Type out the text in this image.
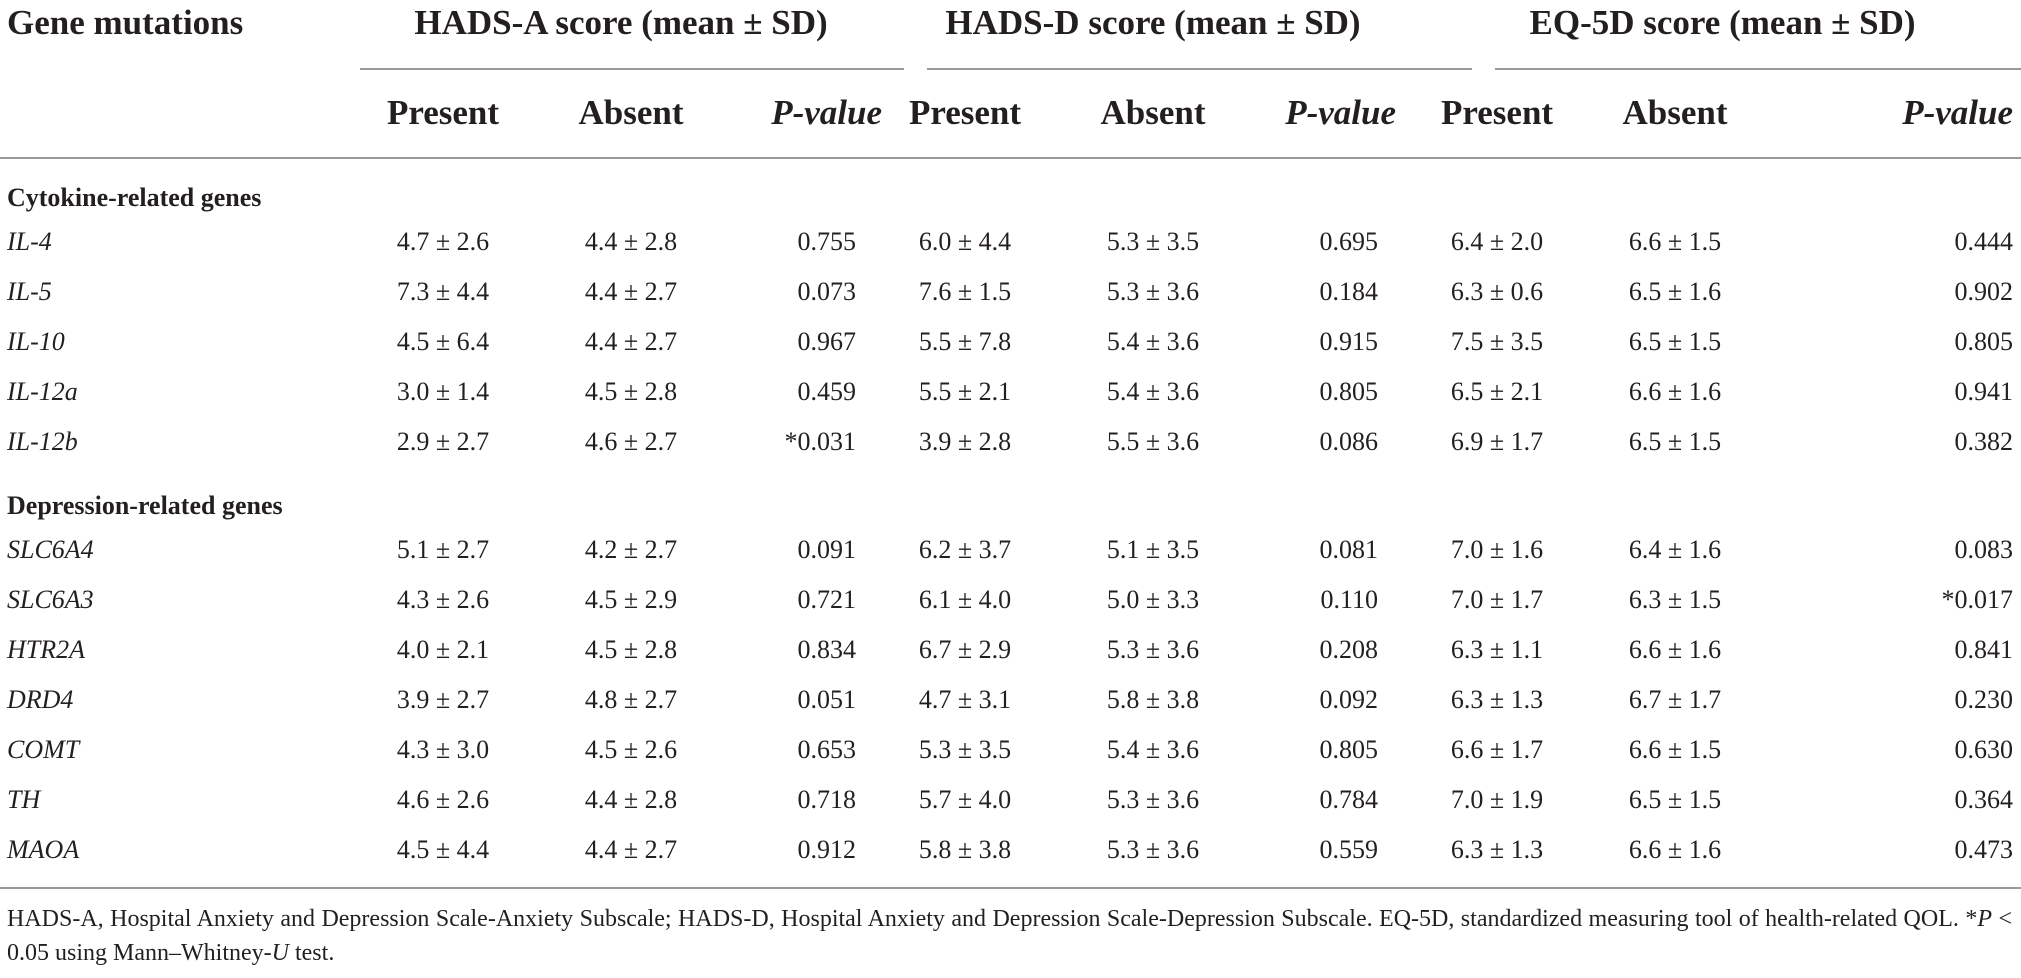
Gene mutations	HADS-A score (mean ± SD)			HADS-D score (mean ± SD)			EQ-5D score (mean ± SD)		

	Present	Absent	P-value	Present	Absent	P-value	Present	Absent	P-value
Cytokine-related genes									
IL-4	4.7 ± 2.6	4.4 ± 2.8	0.755	6.0 ± 4.4	5.3 ± 3.5	0.695	6.4 ± 2.0	6.6 ± 1.5	0.444
IL-5	7.3 ± 4.4	4.4 ± 2.7	0.073	7.6 ± 1.5	5.3 ± 3.6	0.184	6.3 ± 0.6	6.5 ± 1.6	0.902
IL-10	4.5 ± 6.4	4.4 ± 2.7	0.967	5.5 ± 7.8	5.4 ± 3.6	0.915	7.5 ± 3.5	6.5 ± 1.5	0.805
IL-12a	3.0 ± 1.4	4.5 ± 2.8	0.459	5.5 ± 2.1	5.4 ± 3.6	0.805	6.5 ± 2.1	6.6 ± 1.6	0.941
IL-12b	2.9 ± 2.7	4.6 ± 2.7	*0.031	3.9 ± 2.8	5.5 ± 3.6	0.086	6.9 ± 1.7	6.5 ± 1.5	0.382
Depression-related genes									
SLC6A4	5.1 ± 2.7	4.2 ± 2.7	0.091	6.2 ± 3.7	5.1 ± 3.5	0.081	7.0 ± 1.6	6.4 ± 1.6	0.083
SLC6A3	4.3 ± 2.6	4.5 ± 2.9	0.721	6.1 ± 4.0	5.0 ± 3.3	0.110	7.0 ± 1.7	6.3 ± 1.5	*0.017
HTR2A	4.0 ± 2.1	4.5 ± 2.8	0.834	6.7 ± 2.9	5.3 ± 3.6	0.208	6.3 ± 1.1	6.6 ± 1.6	0.841
DRD4	3.9 ± 2.7	4.8 ± 2.7	0.051	4.7 ± 3.1	5.8 ± 3.8	0.092	6.3 ± 1.3	6.7 ± 1.7	0.230
COMT	4.3 ± 3.0	4.5 ± 2.6	0.653	5.3 ± 3.5	5.4 ± 3.6	0.805	6.6 ± 1.7	6.6 ± 1.5	0.630
TH	4.6 ± 2.6	4.4 ± 2.8	0.718	5.7 ± 4.0	5.3 ± 3.6	0.784	7.0 ± 1.9	6.5 ± 1.5	0.364
MAOA	4.5 ± 4.4	4.4 ± 2.7	0.912	5.8 ± 3.8	5.3 ± 3.6	0.559	6.3 ± 1.3	6.6 ± 1.6	0.473
HADS-A, Hospital Anxiety and Depression Scale-Anxiety Subscale; HADS-D, Hospital Anxiety and Depression Scale-Depression Subscale. EQ-5D, standardized measuring tool of health-related QOL. *P < 0.05 using Mann–Whitney-U test.
